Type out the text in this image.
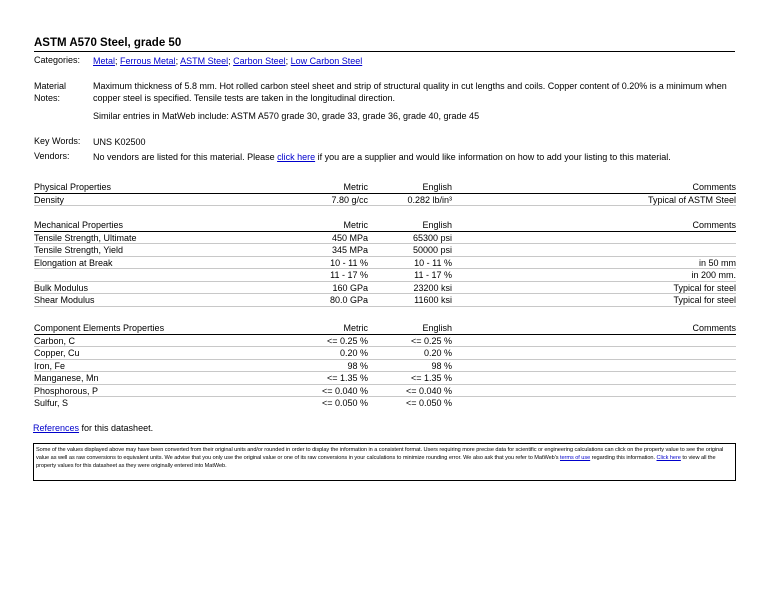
ASTM A570 Steel, grade 50
Categories: Metal; Ferrous Metal; ASTM Steel; Carbon Steel; Low Carbon Steel
Material
Notes:
Maximum thickness of 5.8 mm. Hot rolled carbon steel sheet and strip of structural quality in cut lengths and coils. Copper content of 0.20% is a minimum when copper steel is specified. Tensile tests are taken in the longitudinal direction.
Similar entries in MatWeb include: ASTM A570 grade 30, grade 33, grade 36, grade 40, grade 45
Key Words: UNS K02500
Vendors:	No vendors are listed for this material. Please click here if you are a supplier and would like information on how to add your listing to this material.
Physical Properties	Metric	English	Comments
Density	7.80 g/cc	0.282 lb/in³	Typical of ASTM Steel
Mechanical Properties	Metric	English	Comments
Tensile Strength, Ultimate	450 MPa	65300 psi
Tensile Strength, Yield	345 MPa	50000 psi
Elongation at Break	10 - 11 %	10 - 11 %	in 50 mm
11 - 17 %	11 - 17 %	in 200 mm.
Bulk Modulus	160 GPa	23200 ksi	Typical for steel
Shear Modulus	80.0 GPa	11600 ksi	Typical for steel
Component Elements Properties	Metric	English	Comments
Carbon, C	<= 0.25 %	<= 0.25 %
Copper, Cu	0.20 %	0.20 %
Iron, Fe	98 %	98 %
Manganese, Mn	<= 1.35 %	<= 1.35 %
Phosphorous, P	<= 0.040 %	<= 0.040 %
Sulfur, S	<= 0.050 %	<= 0.050 %
References for this datasheet.
Some of the values displayed above may have been converted from their original units and/or rounded in order to display the information in a consistent format. Users requiring more precise data for scientific or engineering calculations can click on the property value to see the original value as well as raw conversions to equivalent units. We advise that you only use the original value or one of its raw conversions in your calculations to minimize rounding error. We also ask that you refer to MatWeb's terms of use regarding this information. Click here to view all the property values for this datasheet as they were originally entered into MatWeb.
